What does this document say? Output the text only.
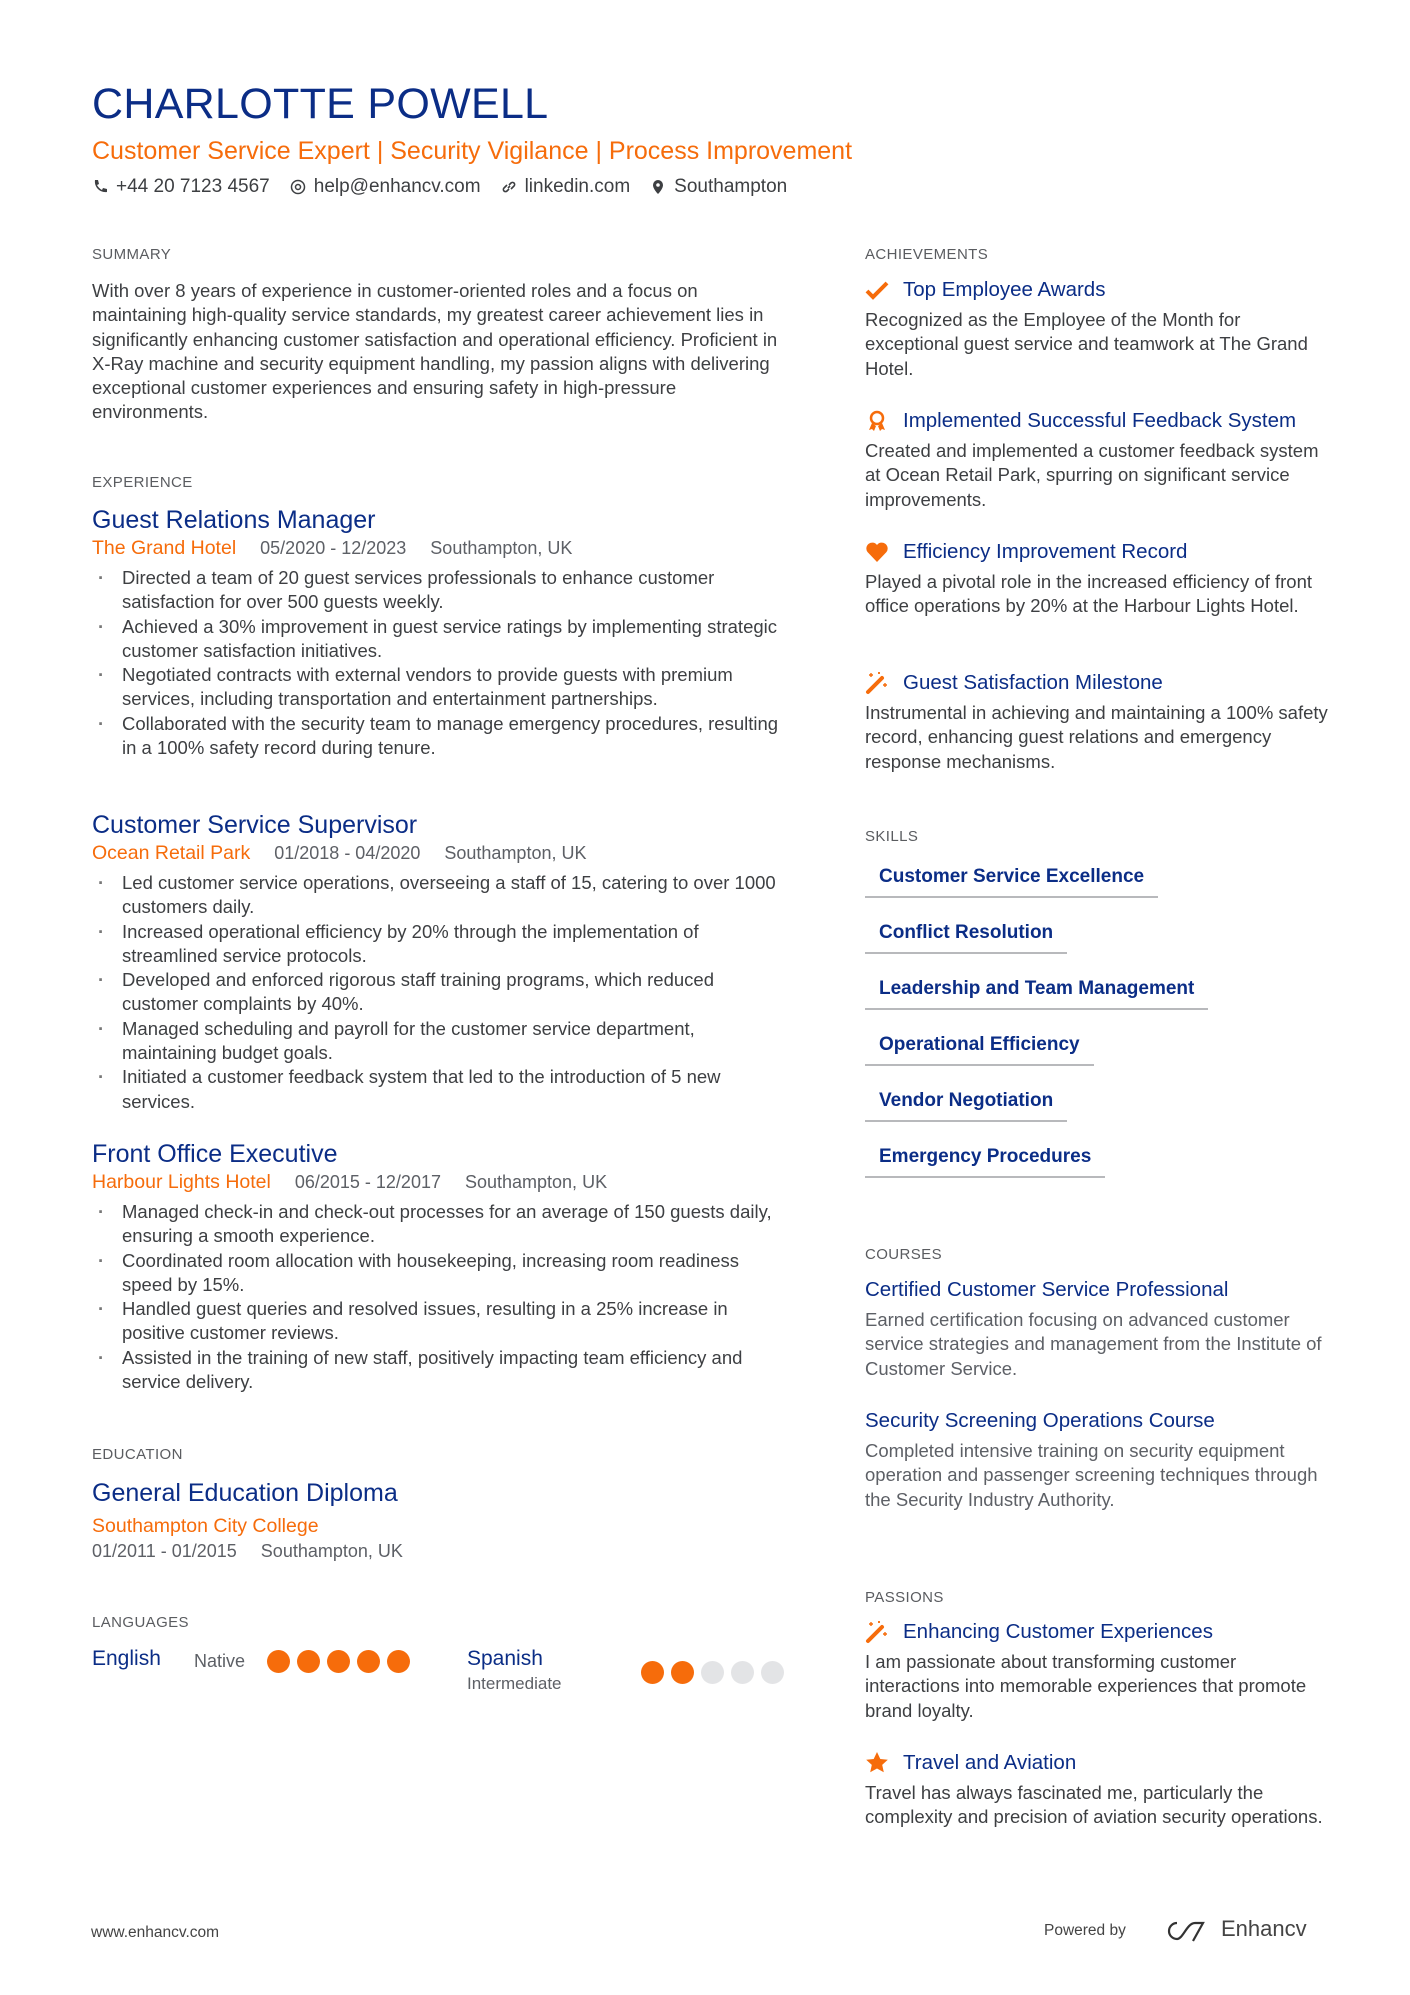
CHARLOTTE POWELL
Customer Service Expert | Security Vigilance | Process Improvement
+44 20 7123 4567 help@enhancv.com linkedin.com Southampton
SUMMARY
With over 8 years of experience in customer-oriented roles and a focus on maintaining high-quality service standards, my greatest career achievement lies in significantly enhancing customer satisfaction and operational efficiency. Proficient in X-Ray machine and security equipment handling, my passion aligns with delivering exceptional customer experiences and ensuring safety in high-pressure environments.
EXPERIENCE
Guest Relations Manager
The Grand Hotel 05/2020 - 12/2023 Southampton, UK
· Directed a team of 20 guest services professionals to enhance customer satisfaction for over 500 guests weekly.
· Achieved a 30% improvement in guest service ratings by implementing strategic customer satisfaction initiatives.
· Negotiated contracts with external vendors to provide guests with premium services, including transportation and entertainment partnerships.
· Collaborated with the security team to manage emergency procedures, resulting in a 100% safety record during tenure.
Customer Service Supervisor
Ocean Retail Park 01/2018 - 04/2020 Southampton, UK
· Led customer service operations, overseeing a staff of 15, catering to over 1000 customers daily.
· Increased operational efficiency by 20% through the implementation of streamlined service protocols.
· Developed and enforced rigorous staff training programs, which reduced customer complaints by 40%.
· Managed scheduling and payroll for the customer service department, maintaining budget goals.
· Initiated a customer feedback system that led to the introduction of 5 new services.
Front Office Executive
Harbour Lights Hotel 06/2015 - 12/2017 Southampton, UK
· Managed check-in and check-out processes for an average of 150 guests daily, ensuring a smooth experience.
· Coordinated room allocation with housekeeping, increasing room readiness speed by 15%.
· Handled guest queries and resolved issues, resulting in a 25% increase in positive customer reviews.
· Assisted in the training of new staff, positively impacting team efficiency and service delivery.
EDUCATION
General Education Diploma
Southampton City College
01/2011 - 01/2015 Southampton, UK
LANGUAGES
English Native	Spanish
Intermediate
ACHIEVEMENTS
Top Employee Awards
Recognized as the Employee of the Month for exceptional guest service and teamwork at The Grand Hotel.
Implemented Successful Feedback System
Created and implemented a customer feedback system at Ocean Retail Park, spurring on significant service improvements.
Efficiency Improvement Record
Played a pivotal role in the increased efficiency of front office operations by 20% at the Harbour Lights Hotel.
Guest Satisfaction Milestone
Instrumental in achieving and maintaining a 100% safety record, enhancing guest relations and emergency response mechanisms.
SKILLS
Customer Service Excellence
Conflict Resolution
Leadership and Team Management
Operational Efficiency
Vendor Negotiation
Emergency Procedures
COURSES
Certified Customer Service Professional
Earned certification focusing on advanced customer service strategies and management from the Institute of Customer Service.
Security Screening Operations Course
Completed intensive training on security equipment operation and passenger screening techniques through the Security Industry Authority.
PASSIONS
Enhancing Customer Experiences
I am passionate about transforming customer interactions into memorable experiences that promote brand loyalty.
Travel and Aviation
Travel has always fascinated me, particularly the complexity and precision of aviation security operations.
www.enhancv.com	Powered by	Enhancv
